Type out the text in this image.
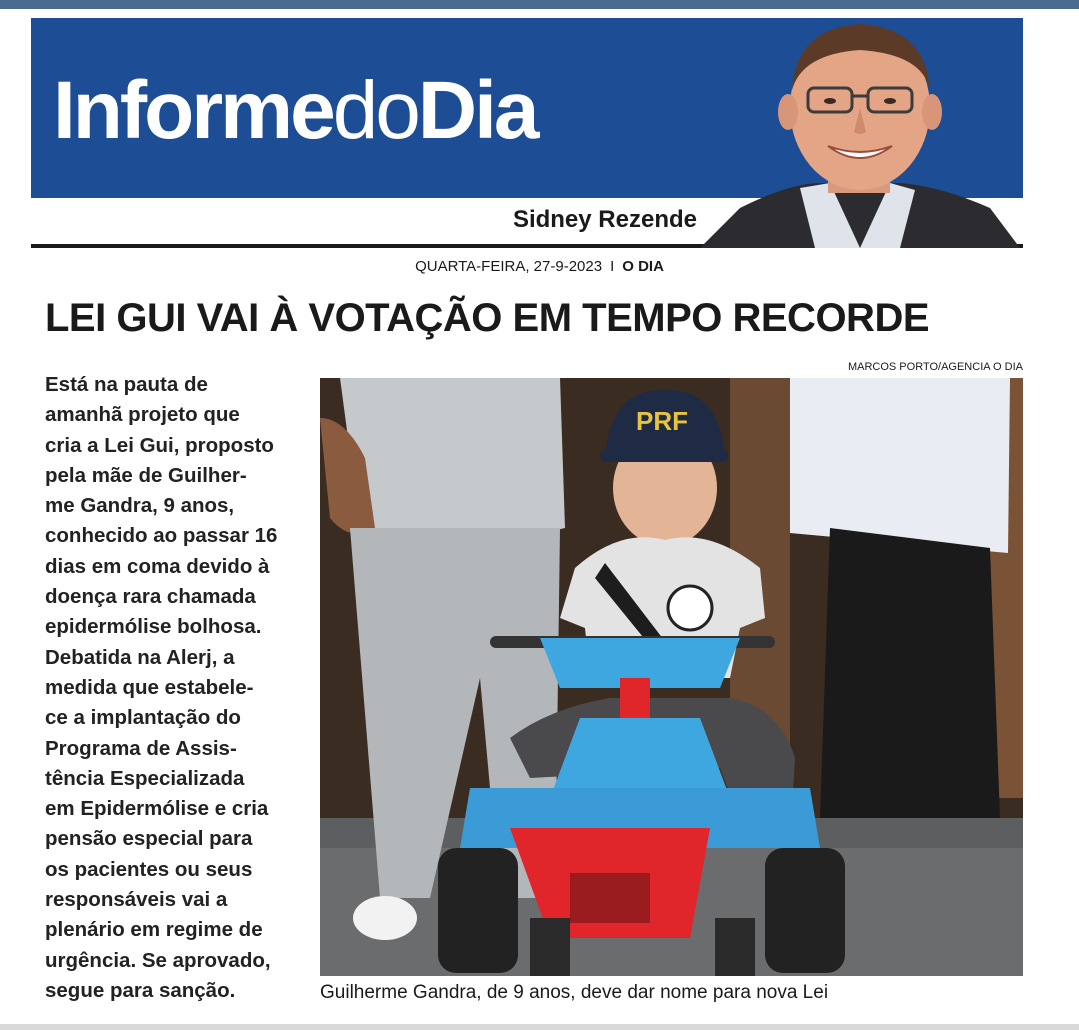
InformedoDia
Sidney Rezende
QUARTA-FEIRA, 27-9-2023 I O DIA
LEI GUI VAI À VOTAÇÃO EM TEMPO RECORDE
MARCOS PORTO/AGENCIA O DIA
Está na pauta de
amanhã projeto que
cria a Lei Gui, proposto
pela mãe de Guilher-
me Gandra, 9 anos,
conhecido ao passar 16
dias em coma devido à
doença rara chamada
epidermólise bolhosa.
Debatida na Alerj, a
medida que estabele-
ce a implantação do
Programa de Assis-
tência Especializada
em Epidermólise e cria
pensão especial para
os pacientes ou seus
responsáveis vai a
plenário em regime de
urgência. Se aprovado,
segue para sanção.
PRF
Guilherme Gandra, de 9 anos, deve dar nome para nova Lei
